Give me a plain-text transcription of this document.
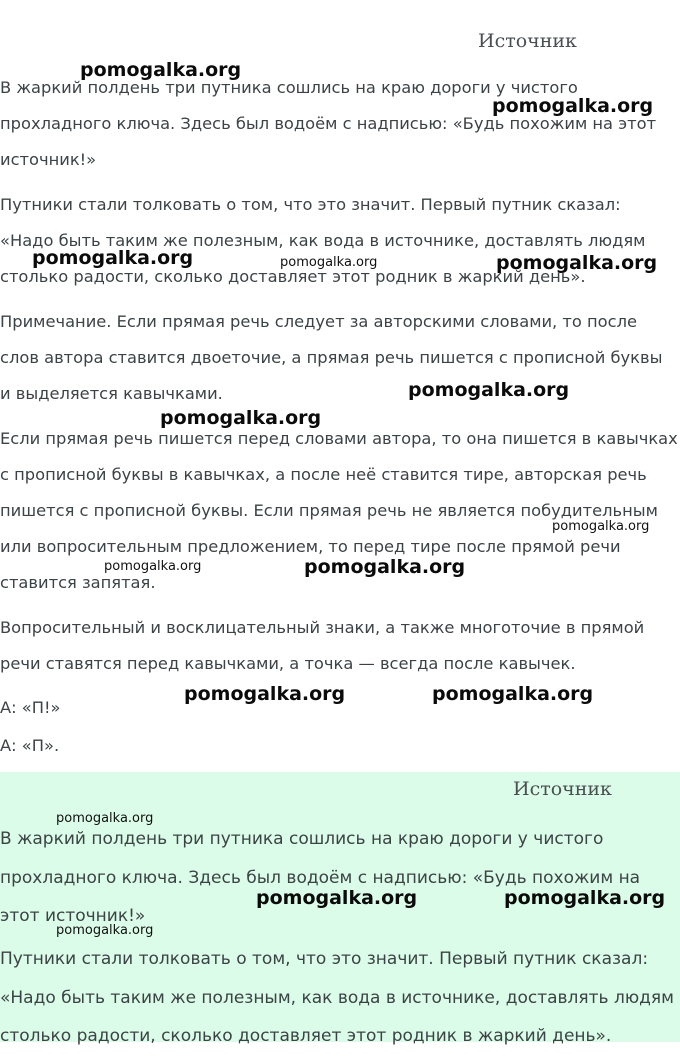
Источник

В жаркий полдень три путника сошлись на краю дороги у чистого прохладного ключа. Здесь был водоём с надписью: «Будь похожим на этот источник!»

Путники стали толковать о том, что это значит. Первый путник сказал: «Надо быть таким же полезным, как вода в источнике, доставлять людям столько радости, сколько доставляет этот родник в жаркий день».

Примечание. Если прямая речь следует за авторскими словами, то после слов автора ставится двоеточие, а прямая речь пишется с прописной буквы и выделяется кавычками.

Если прямая речь пишется перед словами автора, то она пишется в кавычках с прописной буквы в кавычках, а после неё ставится тире, авторская речь пишется с прописной буквы. Если прямая речь не является побудительным или вопросительным предложением, то перед тире после прямой речи ставится запятая.

Вопросительный и восклицательный знаки, а также многоточие в прямой речи ставятся перед кавычками, а точка — всегда после кавычек.

А: «П!»

А: «П».

Источник

В жаркий полдень три путника сошлись на краю дороги у чистого прохладного ключа. Здесь был водоём с надписью: «Будь похожим на этот источник!»

Путники стали толковать о том, что это значит. Первый путник сказал: «Надо быть таким же полезным, как вода в источнике, доставлять людям столько радости, сколько доставляет этот родник в жаркий день».

pomogalka.org
pomogalka.org
pomogalka.org	pomogalka.org	pomogalka.org
pomogalka.org
pomogalka.org
pomogalka.org
pomogalka.org	pomogalka.org
pomogalka.org	pomogalka.org
pomogalka.org
pomogalka.org	pomogalka.org
pomogalka.org
